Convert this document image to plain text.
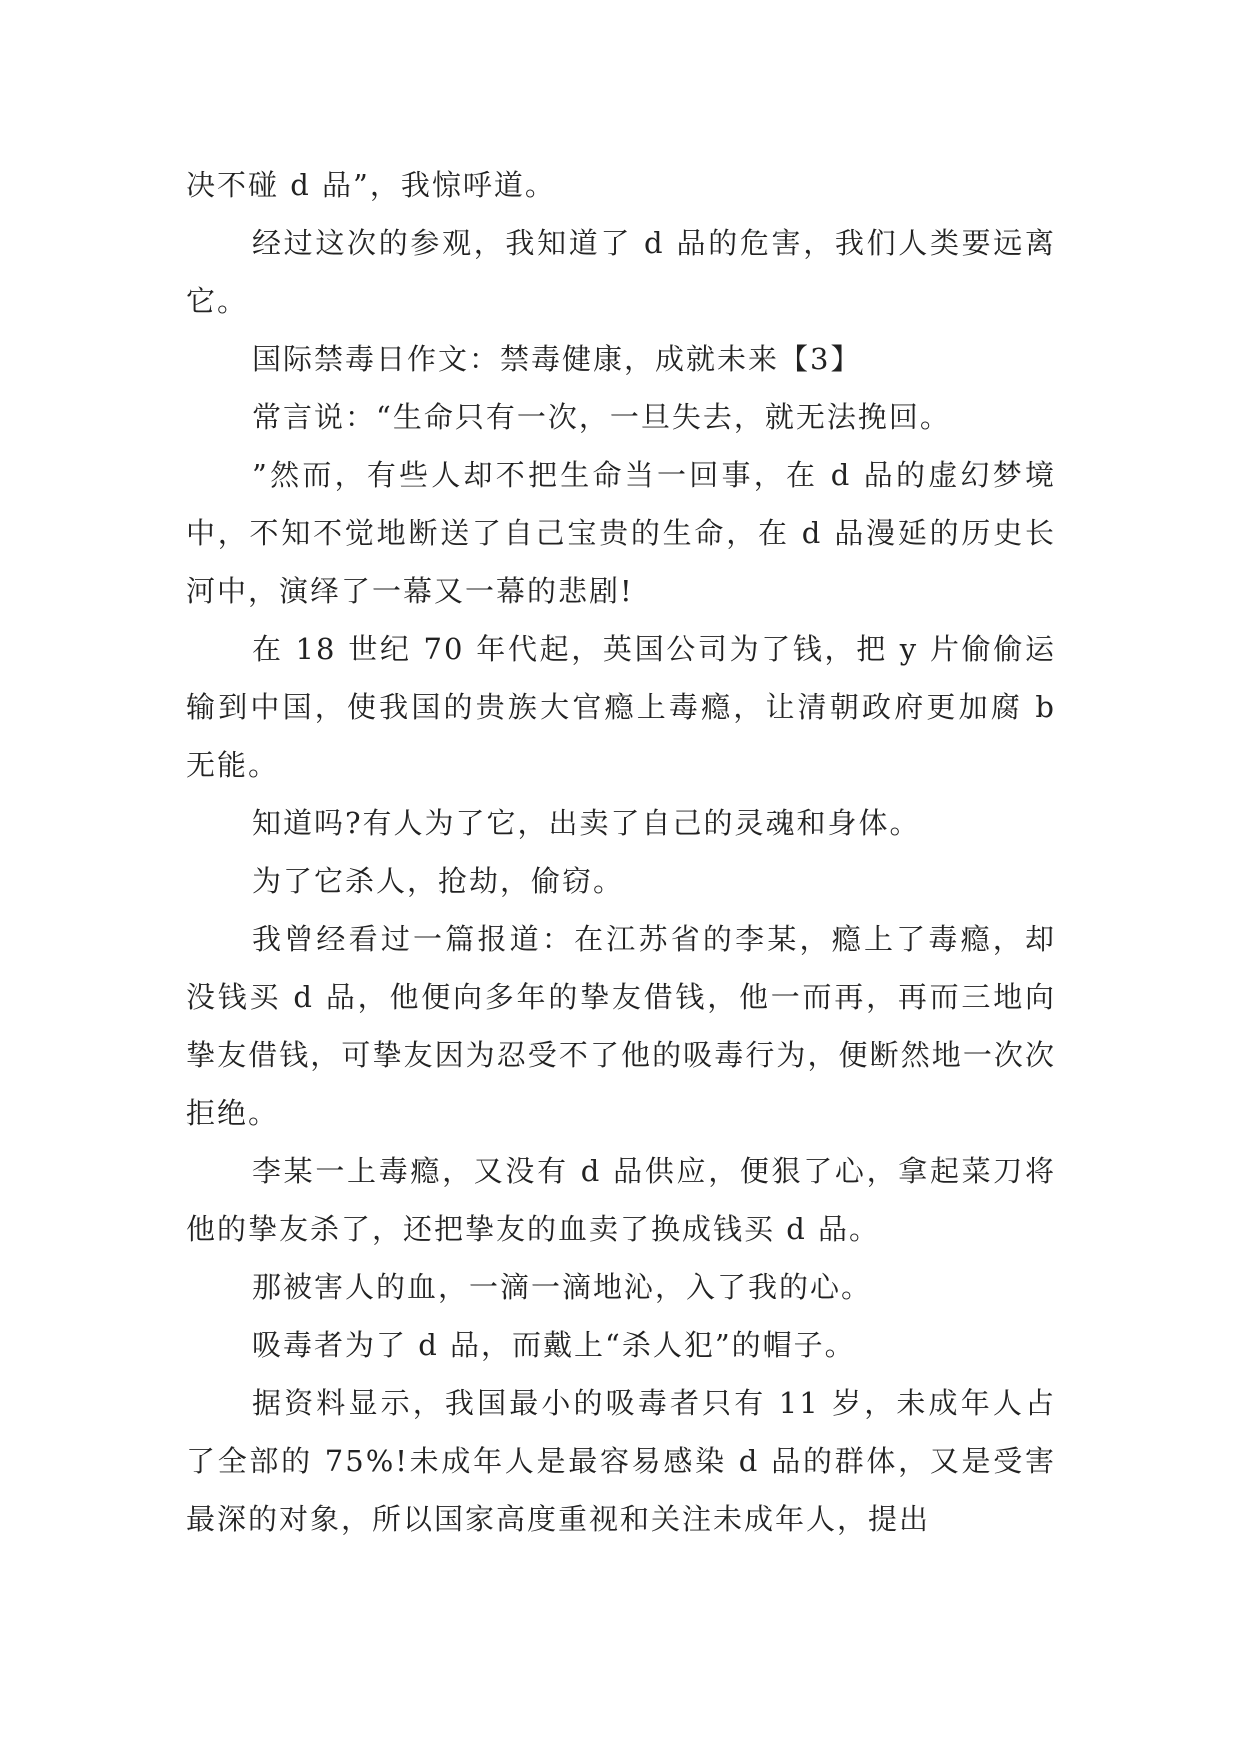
决不碰 d 品”，我惊呼道。

经过这次的参观，我知道了 d 品的危害，我们人类要远离它。

国际禁毒日作文：禁毒健康，成就未来【3】

常言说：“生命只有一次，一旦失去，就无法挽回。

”然而，有些人却不把生命当一回事，在 d 品的虚幻梦境中，不知不觉地断送了自己宝贵的生命，在 d 品漫延的历史长河中，演绎了一幕又一幕的悲剧!

在 18 世纪 70 年代起，英国公司为了钱，把 y 片偷偷运输到中国，使我国的贵族大官瘾上毒瘾，让清朝政府更加腐 b 无能。

知道吗?有人为了它，出卖了自己的灵魂和身体。

为了它杀人，抢劫，偷窃。

我曾经看过一篇报道：在江苏省的李某，瘾上了毒瘾，却没钱买 d 品，他便向多年的挚友借钱，他一而再，再而三地向挚友借钱，可挚友因为忍受不了他的吸毒行为，便断然地一次次拒绝。

李某一上毒瘾，又没有 d 品供应，便狠了心，拿起菜刀将他的挚友杀了，还把挚友的血卖了换成钱买 d 品。

那被害人的血，一滴一滴地沁，入了我的心。

吸毒者为了 d 品，而戴上“杀人犯”的帽子。

据资料显示，我国最小的吸毒者只有 11 岁，未成年人占了全部的 75%!未成年人是最容易感染 d 品的群体，又是受害最深的对象，所以国家高度重视和关注未成年人，提出
